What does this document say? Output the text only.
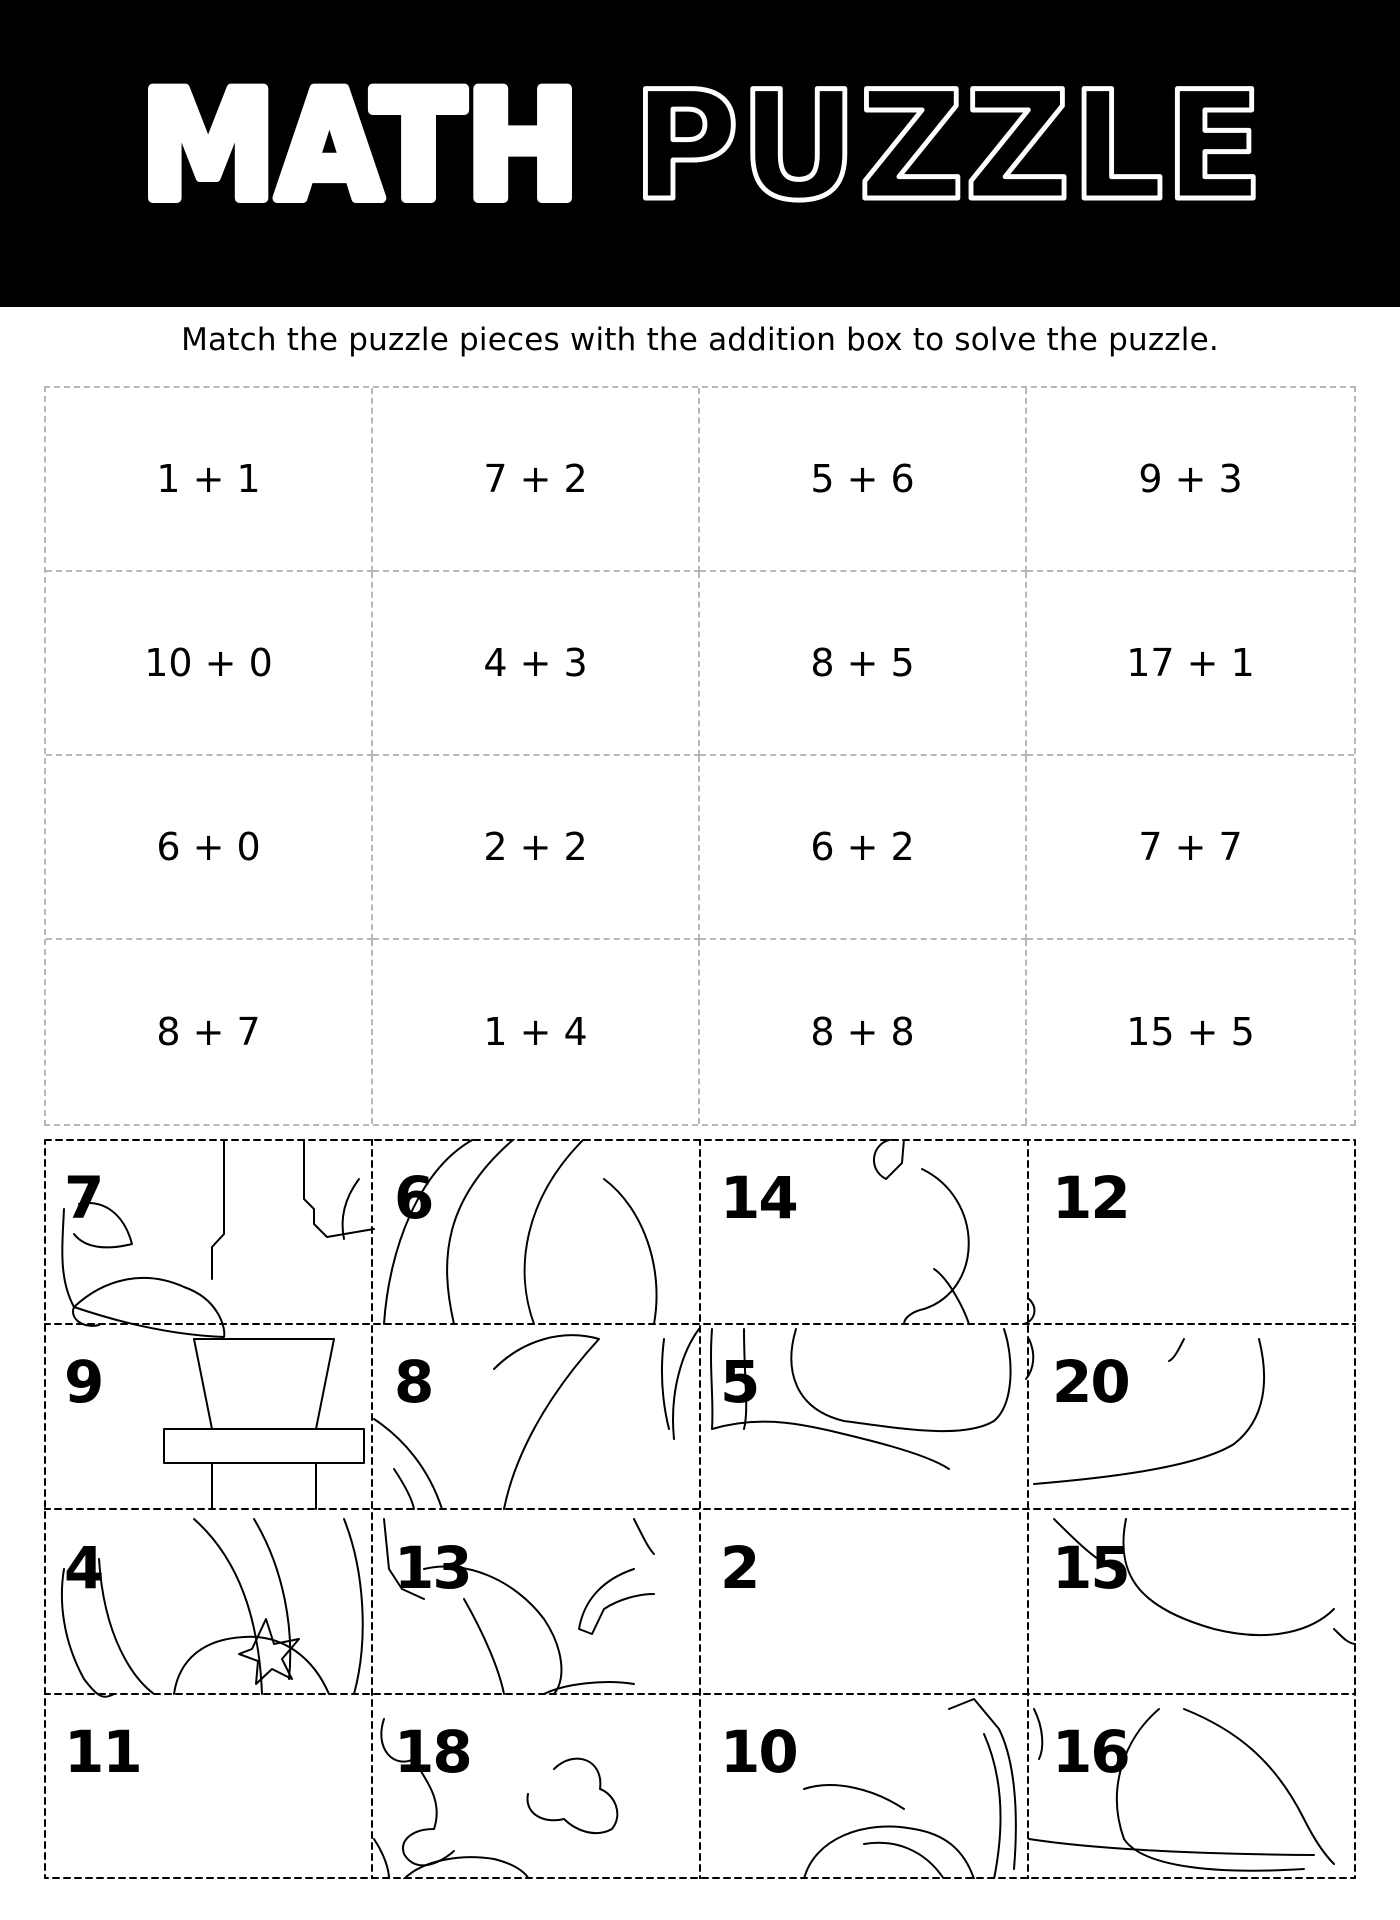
MATH PUZZLE
Match the puzzle pieces with the addition box to solve the puzzle.
1 + 1	7 + 2	5 + 6	9 + 3
10 + 0	4 + 3	8 + 5	17 + 1
6 + 0	2 + 2	6 + 2	7 + 7
8 + 7	1 + 4	8 + 8	15 + 5
7	6	14	12
9	8	5	20
4	13	2	15
11	18	10	16
